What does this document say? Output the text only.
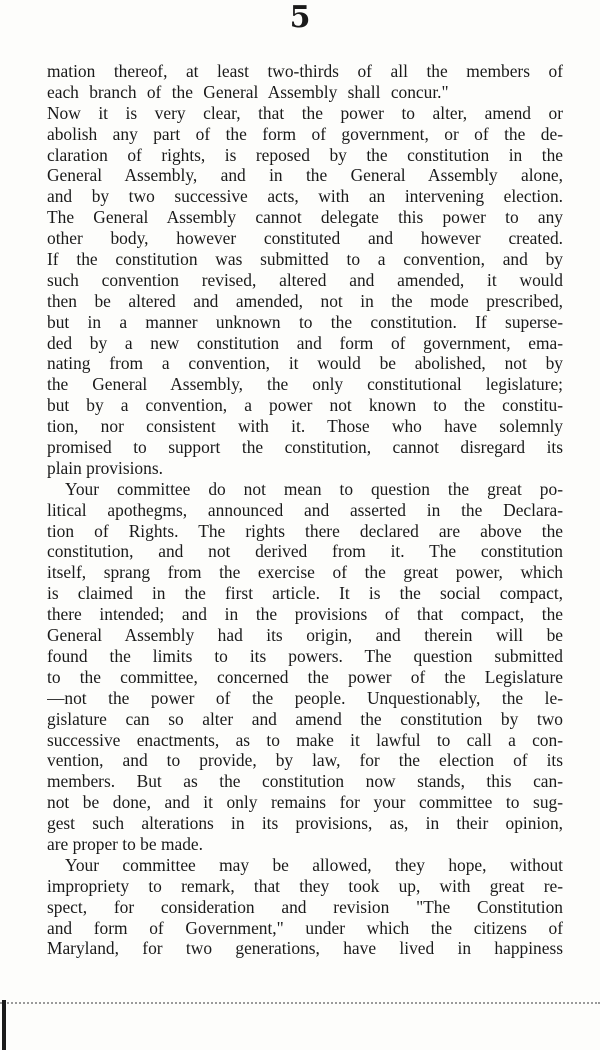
5
mation thereof, at least two-thirds of all the members of
each branch of the General Assembly shall concur."
Now it is very clear, that the power to alter, amend or
abolish any part of the form of government, or of the de-
claration of rights, is reposed by the constitution in the
General Assembly, and in the General Assembly alone,
and by two successive acts, with an intervening election.
The General Assembly cannot delegate this power to any
other body, however constituted and however created.
If the constitution was submitted to a convention, and by
such convention revised, altered and amended, it would
then be altered and amended, not in the mode prescribed,
but in a manner unknown to the constitution. If superse-
ded by a new constitution and form of government, ema-
nating from a convention, it would be abolished, not by
the General Assembly, the only constitutional legislature;
but by a convention, a power not known to the constitu-
tion, nor consistent with it. Those who have solemnly
promised to support the constitution, cannot disregard its
plain provisions.
Your committee do not mean to question the great po-
litical apothegms, announced and asserted in the Declara-
tion of Rights. The rights there declared are above the
constitution, and not derived from it. The constitution
itself, sprang from the exercise of the great power, which
is claimed in the first article. It is the social compact,
there intended; and in the provisions of that compact, the
General Assembly had its origin, and therein will be
found the limits to its powers. The question submitted
to the committee, concerned the power of the Legislature
—not the power of the people. Unquestionably, the le-
gislature can so alter and amend the constitution by two
successive enactments, as to make it lawful to call a con-
vention, and to provide, by law, for the election of its
members. But as the constitution now stands, this can-
not be done, and it only remains for your committee to sug-
gest such alterations in its provisions, as, in their opinion,
are proper to be made.
Your committee may be allowed, they hope, without
impropriety to remark, that they took up, with great re-
spect, for consideration and revision "The Constitution
and form of Government," under which the citizens of
Maryland, for two generations, have lived in happiness
